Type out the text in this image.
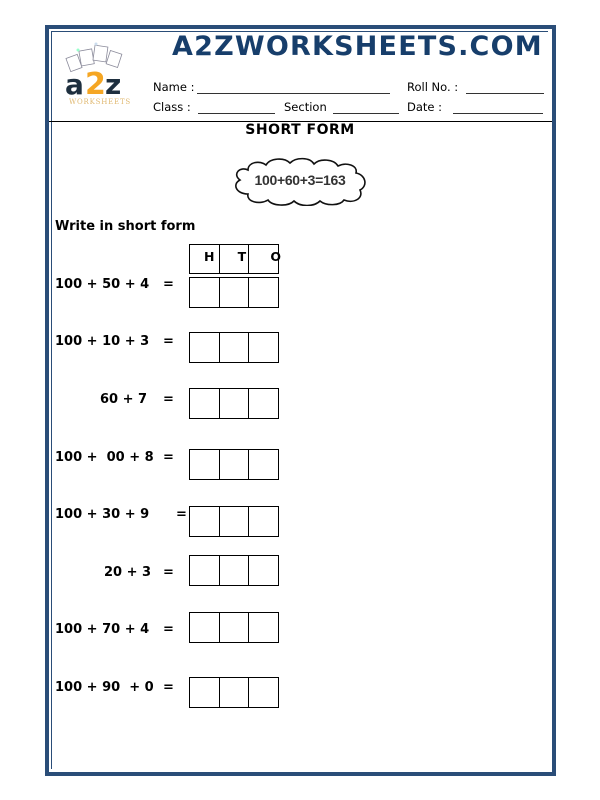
a 2 z
WORKSHEETS
A2ZWORKSHEETS.COM
Name :	Roll No. :
Class :	Section	Date :
SHORT FORM
100+60+3=163
Write in short form
H T O
100 + 50 + 4 =
100 + 10 + 3 =
60 + 7 =
100 +  00 + 8 =
100 + 30 + 9 =
20 + 3 =
100 + 70 + 4 =
100 + 90  + 0 =
